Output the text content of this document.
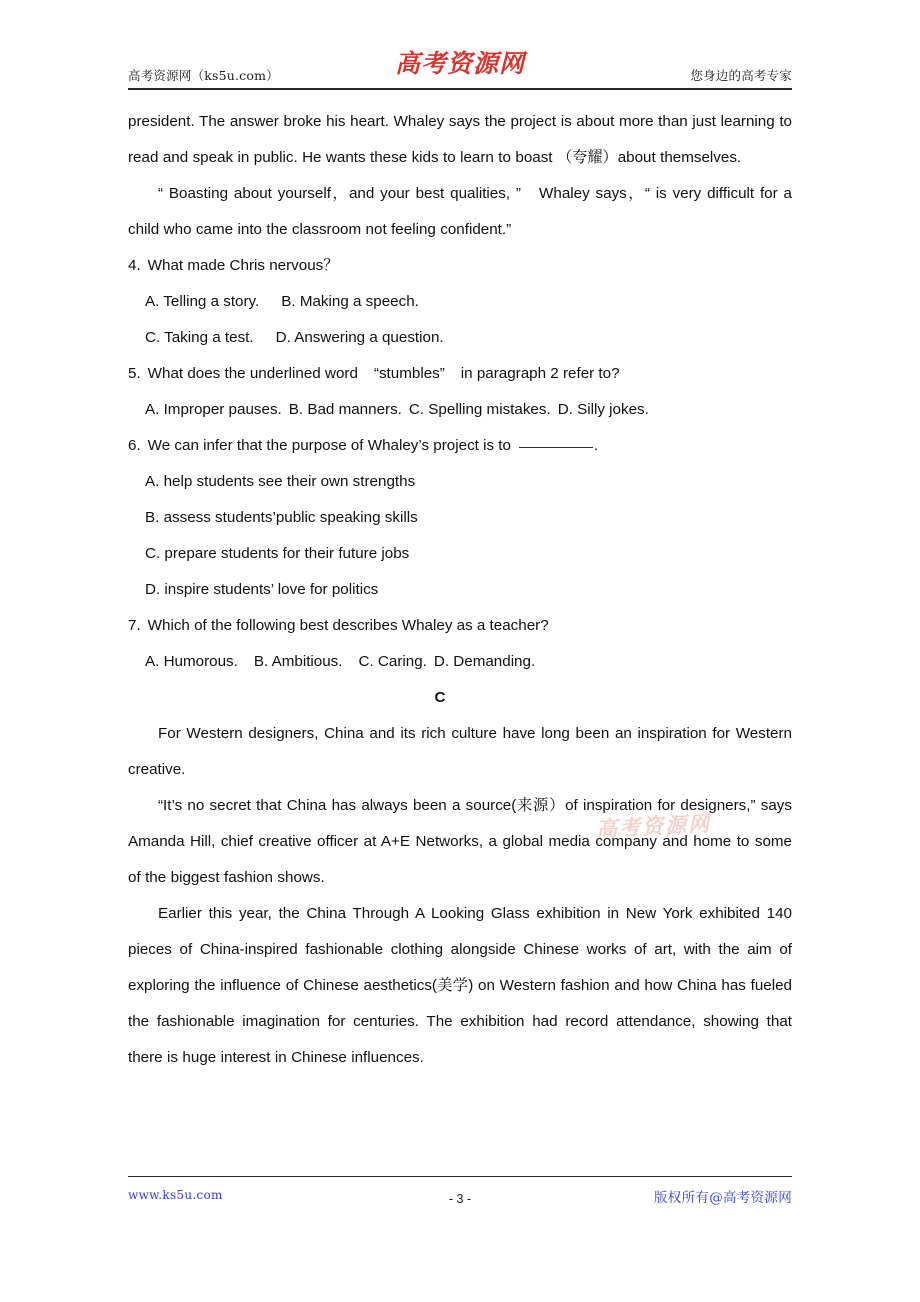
高考资源网（ks5u.com）	高考资源网	您身边的高考专家
高考资源网

president. The answer broke his heart. Whaley says the project is about more than just learning to read and speak in public. He wants these kids to learn to boast （夸耀）about themselves.

“ Boasting about yourself，and your best qualities, ”　Whaley says，“ is very difficult for a child who came into the classroom not feeling confident.”

4. What made Chris nervous？

A. Telling a story. B. Making a speech.

C. Taking a test. D. Answering a question.

5. What does the underlined word “stumbles” in paragraph 2 refer to?

A. Improper pauses. B. Bad manners. C. Spelling mistakes. D. Silly jokes.

6. We can infer that the purpose of Whaley’s project is to	.

A. help students see their own strengths

B. assess students’public speaking skills

C. prepare students for their future jobs

D. inspire students’ love for politics

7. Which of the following best describes Whaley as a teacher?

A. Humorous. B. Ambitious. C. Caring. D. Demanding.

C

For Western designers, China and its rich culture have long been an inspiration for Western creative.

“It’s no secret that China has always been a source(来源）of inspiration for designers,” says Amanda Hill, chief creative officer at A+E Networks, a global media company and home to some of the biggest fashion shows.

Earlier this year, the China Through A Looking Glass exhibition in New York exhibited 140 pieces of China-inspired fashionable clothing alongside Chinese works of art, with the aim of exploring the influence of Chinese aesthetics(美学) on Western fashion and how China has fueled the fashionable imagination for centuries. The exhibition had record attendance, showing that there is huge interest in Chinese influences.

www.ks5u.com	- 3 -	版权所有@高考资源网
